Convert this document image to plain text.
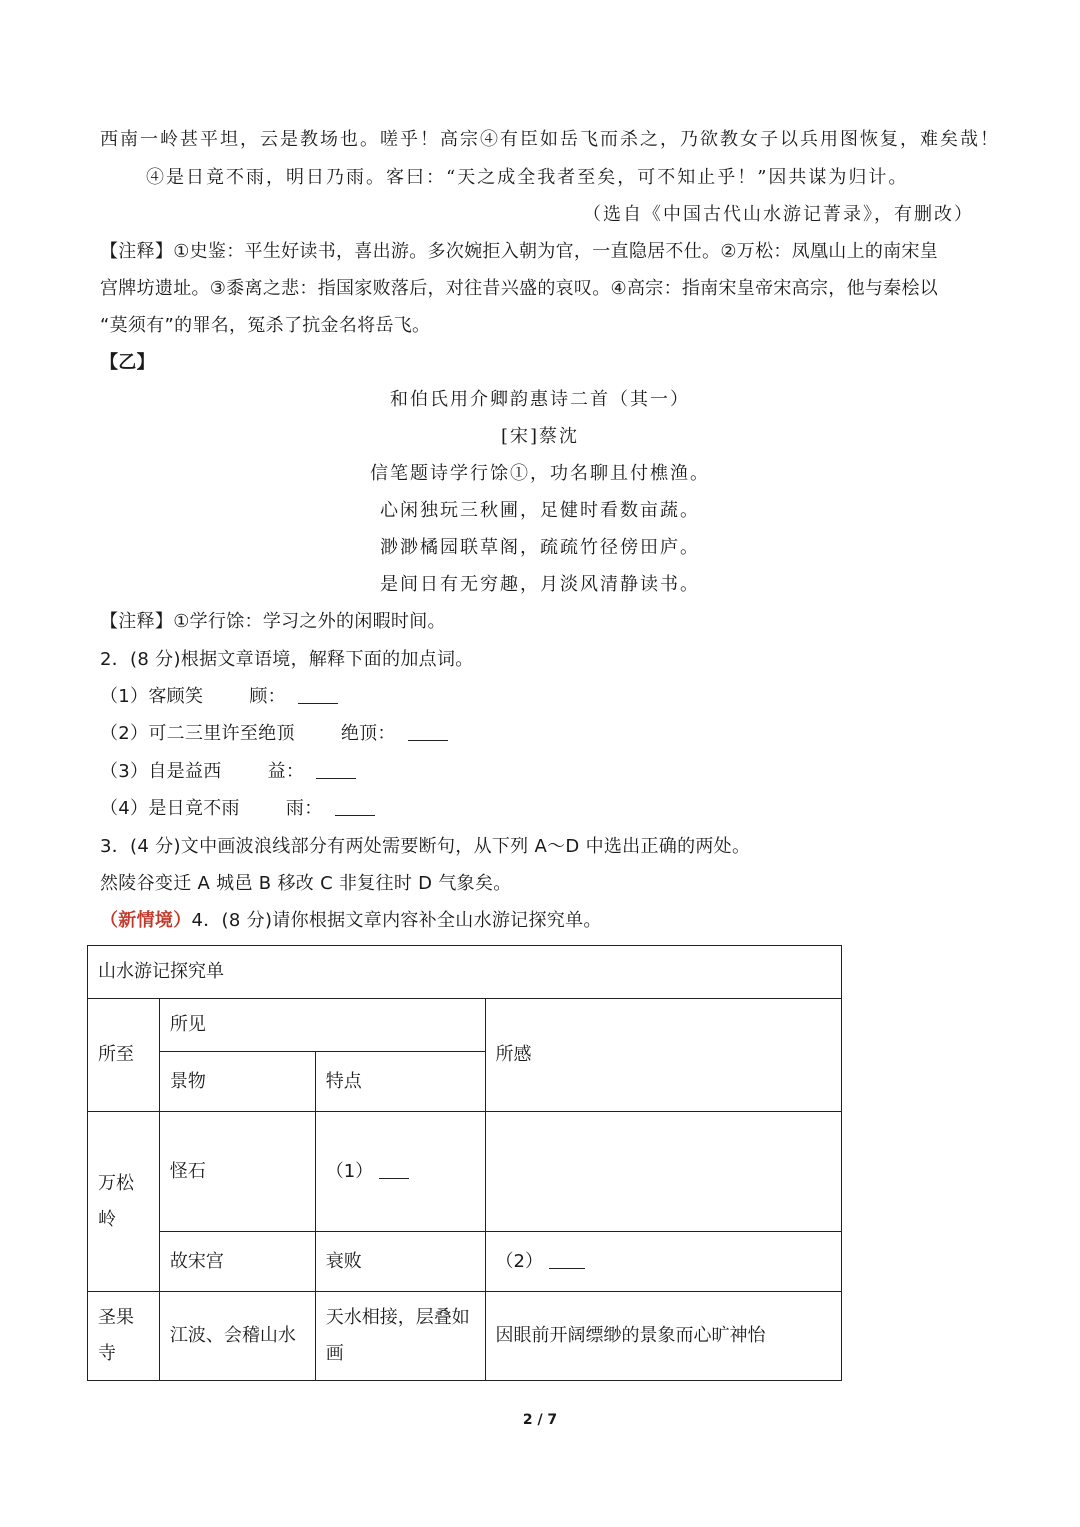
西南一岭甚平坦，云是教场也。嗟乎！高宗④有臣如岳飞而杀之，乃欲教女子以兵用图恢复，难矣哉！
④是日竟不雨，明日乃雨。客曰：“天之成全我者至矣，可不知止乎！”因共谋为归计。
（选自《中国古代山水游记菁录》，有删改）
【注释】①史鉴：平生好读书，喜出游。多次婉拒入朝为官，一直隐居不仕。②万松：凤凰山上的南宋皇
宫牌坊遗址。③黍离之悲：指国家败落后，对往昔兴盛的哀叹。④高宗：指南宋皇帝宋高宗，他与秦桧以
“莫须有”的罪名，冤杀了抗金名将岳飞。
【乙】
和伯氏用介卿韵惠诗二首（其一）
[宋]蔡沈
信笔题诗学行馀①，功名聊且付樵渔。
心闲独玩三秋圃，足健时看数亩蔬。
渺渺橘园联草阁，疏疏竹径傍田庐。
是间日有无穷趣，月淡风清静读书。
【注释】①学行馀：学习之外的闲暇时间。
2．(8 分)根据文章语境，解释下面的加点词。
（1）客顾笑	顾：
（2）可二三里许至绝顶	绝顶：
（3）自是益西	益：
（4）是日竟不雨	雨：
3．(4 分)文中画波浪线部分有两处需要断句，从下列 A～D 中选出正确的两处。
然陵谷变迁 A 城邑 B 移改 C 非复往时 D 气象矣。
（新情境）4．(8 分)请你根据文章内容补全山水游记探究单。
山水游记探究单			
所至	所见		所感
	景物	特点	
万松岭	怪石	（1）	
	故宋宫	衰败	（2）
圣果寺	江波、会稽山水	天水相接，层叠如画	因眼前开阔缥缈的景象而心旷神怡
2 / 7
